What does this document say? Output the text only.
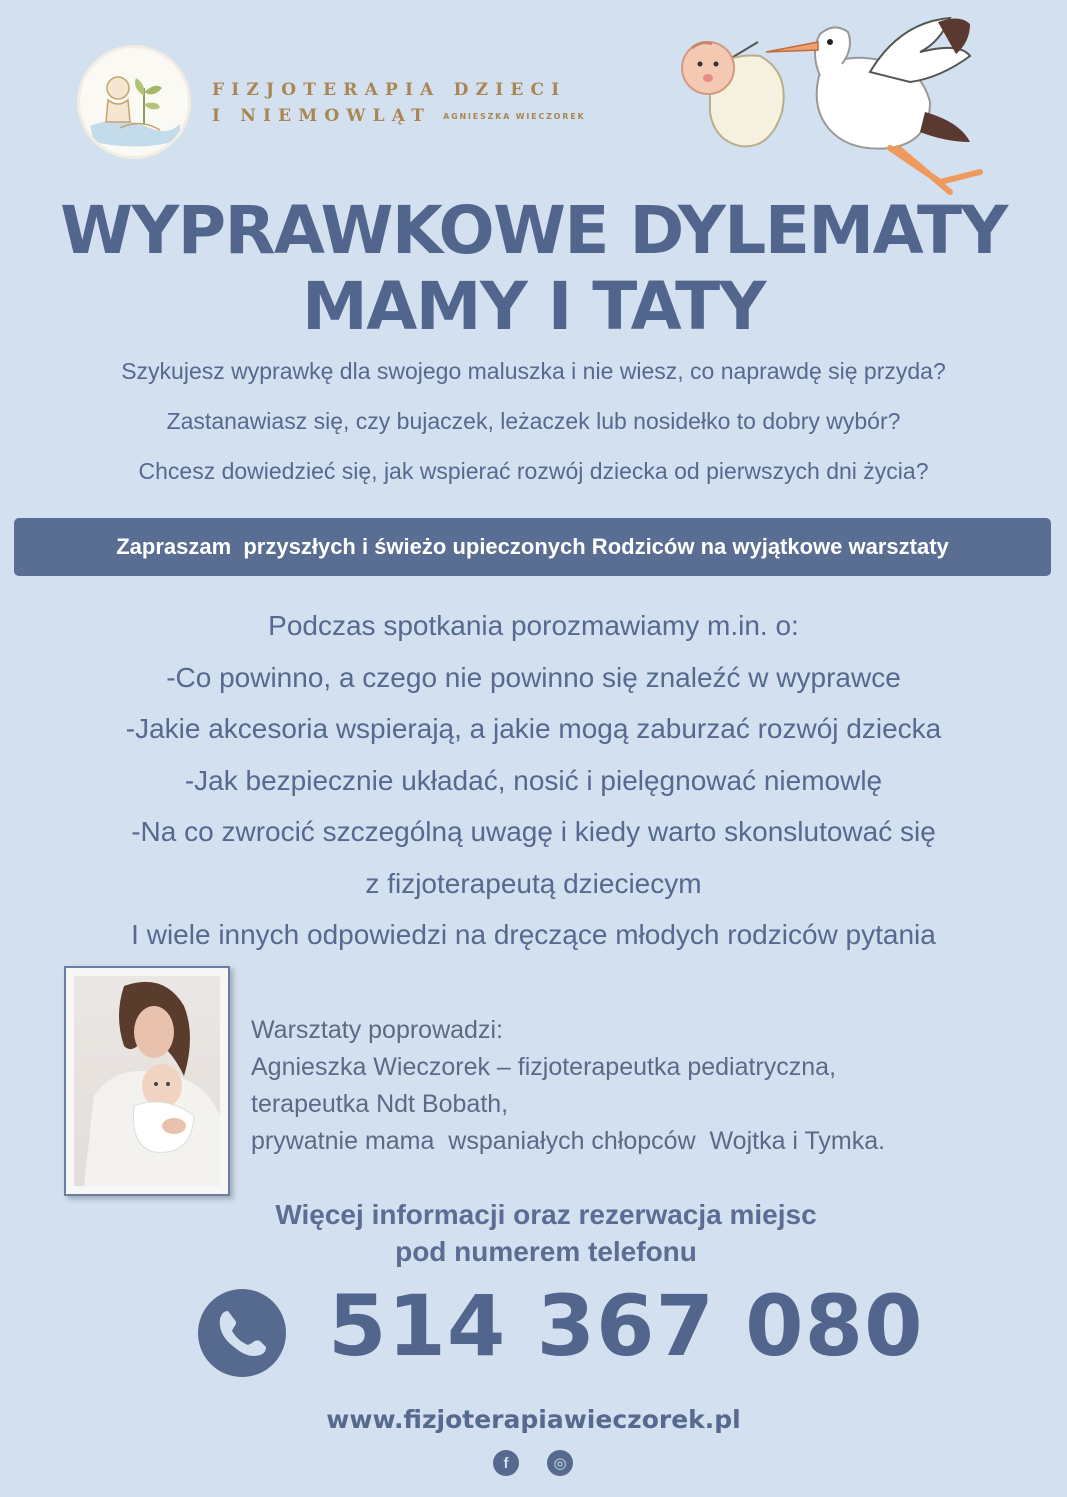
FIZJOTERAPIA DZIECI
I NIEMOWLĄT AGNIESZKA WIECZOREK
WYPRAWKOWE DYLEMATY
MAMY I TATY
Szykujesz wyprawkę dla swojego maluszka i nie wiesz, co naprawdę się przyda?
Zastanawiasz się, czy bujaczek, leżaczek lub nosidełko to dobry wybór?
Chcesz dowiedzieć się, jak wspierać rozwój dziecka od pierwszych dni życia?
Zapraszam  przyszłych i świeżo upieczonych Rodziców na wyjątkowe warsztaty
Podczas spotkania porozmawiamy m.in. o:
-Co powinno, a czego nie powinno się znaleźć w wyprawce
-Jakie akcesoria wspierają, a jakie mogą zaburzać rozwój dziecka
-Jak bezpiecznie układać, nosić i pielęgnować niemowlę
-Na co zwrocić szczególną uwagę i kiedy warto skonslutować się
z fizjoterapeutą dzieciecym
I wiele innych odpowiedzi na dręczące młodych rodziców pytania
Warsztaty poprowadzi:
Agnieszka Wieczorek – fizjoterapeutka pediatryczna,
terapeutka Ndt Bobath,
prywatnie mama  wspaniałych chłopców  Wojtka i Tymka.
Więcej informacji oraz rezerwacja miejsc
pod numerem telefonu
514 367 080
www.fizjoterapiawieczorek.pl
f	◎
